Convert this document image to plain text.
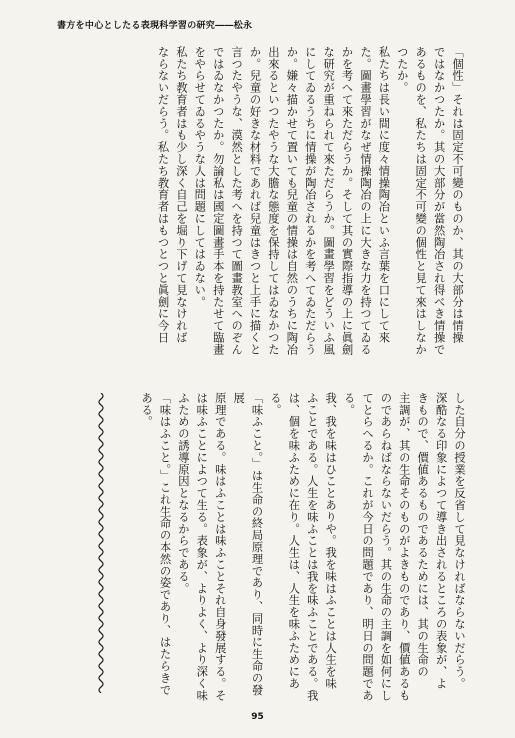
書方を中心としたる表現科学習の研究――松永

「個性」それは固定不可變のものか、其の大部分は情操

ではなかつたか。其の大部分が當然陶冶され得べき情操で

あるものを、私たちは固定不可變の個性と見て來はしなか

つたか。

私たちは長い間に度々情操陶冶といふ言葉を口にして來

た。圖畫學習がなぜ情操陶冶の上に大きな力を持つてゐる

かを考へて來ただらうか。そして其の實際指導の上に眞劍

な研究が重ねられて來ただらうか。圖畫學習をどういふ風

にしてゐるうちに情操が陶冶されるかを考へてゐただらう

か。嫌々描かせて置いても兒童の情操は自然のうちに陶冶

出來るといつたやうな大膽な態度を保持してはゐなかつた

か。兒童の好きな材料であれば兒童はきつと上手に描くと

言つたやうな、漠然とした考へを持つて圖畫教室へのぞん

ではゐなかつたか。勿論私は國定圖畫手本を持たせて臨畫

をやらせてゐるやうな人は問題にしてはゐない。

私たち教育者はも少し深く自己を堀り下げて見なければ

ならないだらう。私たち教育者はもつとつと眞劍に今日

した自分の授業を反省して見なければならないだらう。

深酷なる印象によつて導き出されるところの表象が、よ

きもので、價値あるものであるためには、其の生命の

主調が、其の生命そのものがよきものであり、價値あるも

のであらねばならないだらう。其の生命の主調を如何にし

てとらへるか。これが今日の問題であり、明日の問題であ

る。

我、我を味はひことありや。我を味はふことは人生を味

ふことである。人生を味ふことは我を味ふことである。我

は、個を味ふために在り。人生は、人生を味ふためにある。

「味ふこと。」は生命の終局原理であり、同時に生命の發展

原理である。味はふことは味ふことそれ自身發展する。そ

は味ふことによつて生る。表象が、よりよく、より深く味

ふための誘導原因となるからである。

「味はふこと。」これ生命の本然の姿であり、はたらきで

ある。

95
